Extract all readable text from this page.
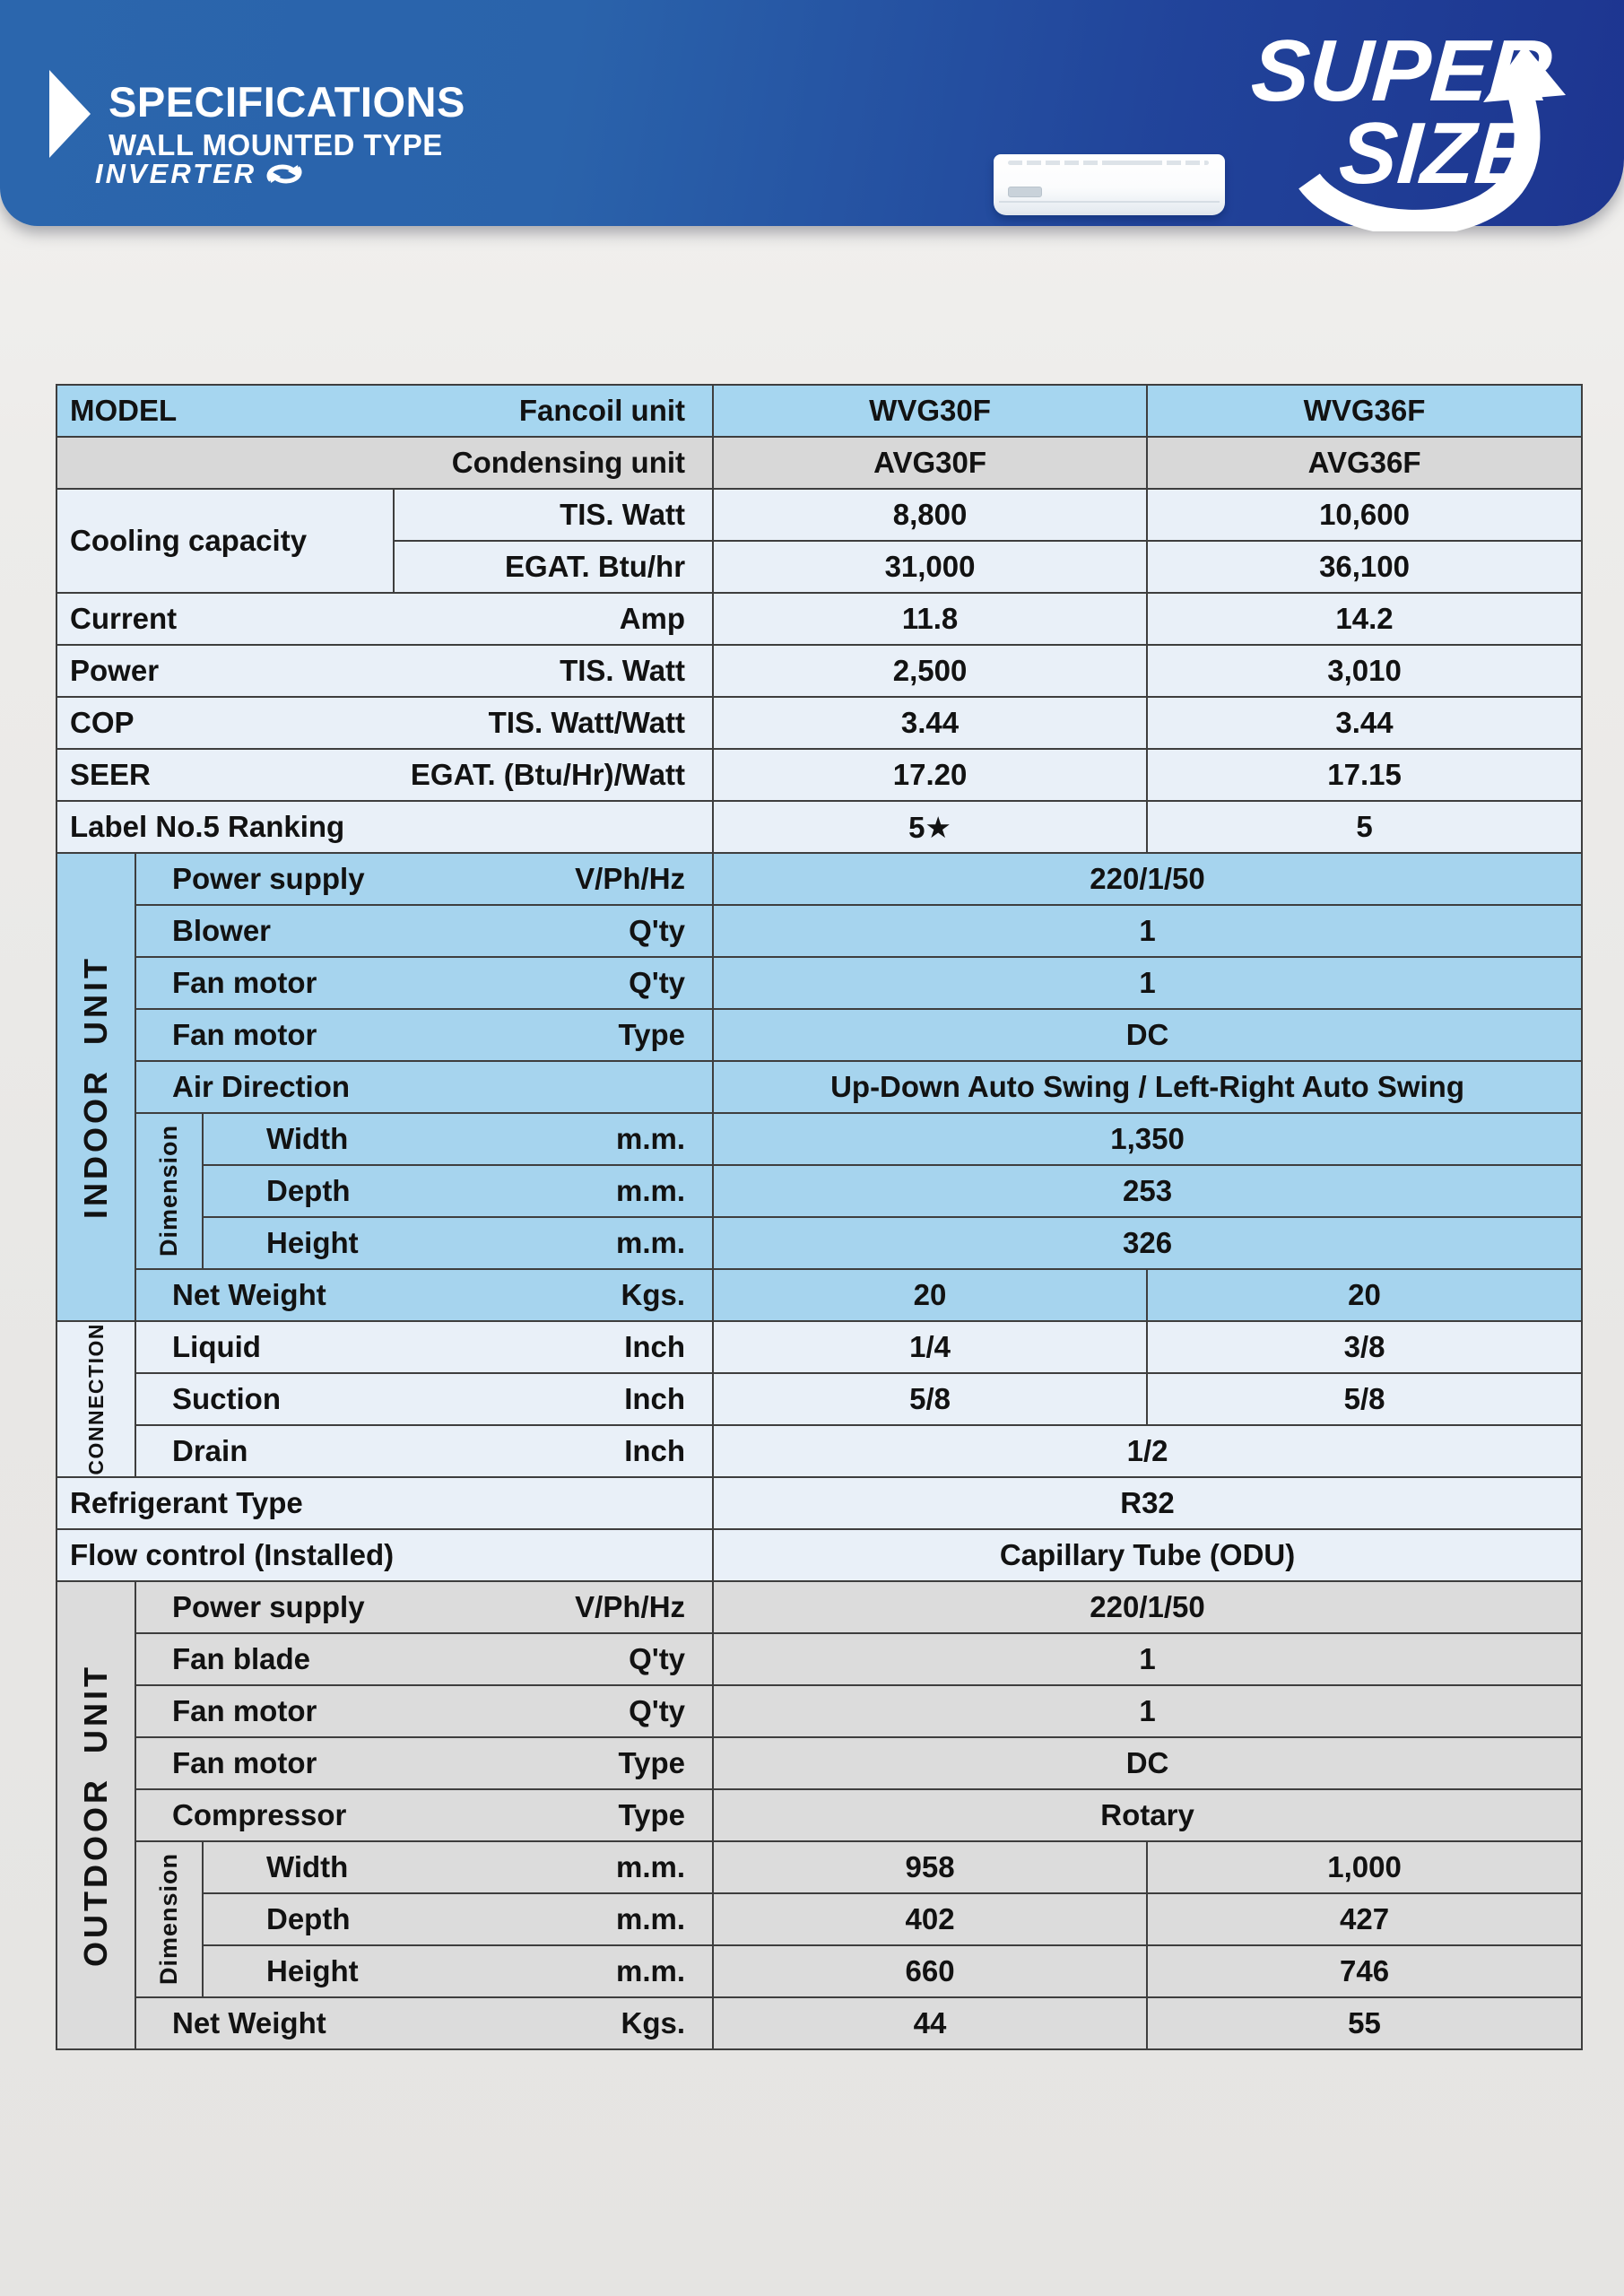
SPECIFICATIONS
WALL MOUNTED TYPE
INVERTER
SUPER
SIZE
MODEL Fancoil unit				WVG30F	WVG36F

Condensing unit				AVG30F	AVG36F
Cooling capacity			TIS. Watt	8,800	10,600
			EGAT. Btu/hr	31,000	36,100

Current Amp				11.8	14.2

Power TIS. Watt				2,500	3,010

COP TIS. Watt/Watt				3.44	3.44

SEER EGAT. (Btu/Hr)/Watt				17.20	17.15

Label No.5 Ranking				5★	5

INDOOR UNIT	Power supply V/Ph/Hz			220/1/50	

	Blower Q'ty			1	

	Fan motor Q'ty			1	

	Fan motor Type			DC	

	Air Direction			Up-Down Auto Swing / Left-Right Auto Swing	

	Dimension	Width m.m.		1,350	

		Depth m.m.		253	

		Height m.m.		326	

	Net Weight Kgs.			20	20

CONNECTION	Liquid Inch			1/4	3/8

	Suction Inch			5/8	5/8

	Drain Inch			1/2	

Refrigerant Type				R32	

Flow control (Installed)				Capillary Tube (ODU)	

OUTDOOR UNIT	Power supply V/Ph/Hz			220/1/50	

	Fan blade Q'ty			1	

	Fan motor Q'ty			1	

	Fan motor Type			DC	

	Compressor Type			Rotary	

	Dimension	Width m.m.		958	1,000

		Depth m.m.		402	427

		Height m.m.		660	746

	Net Weight Kgs.			44	55
